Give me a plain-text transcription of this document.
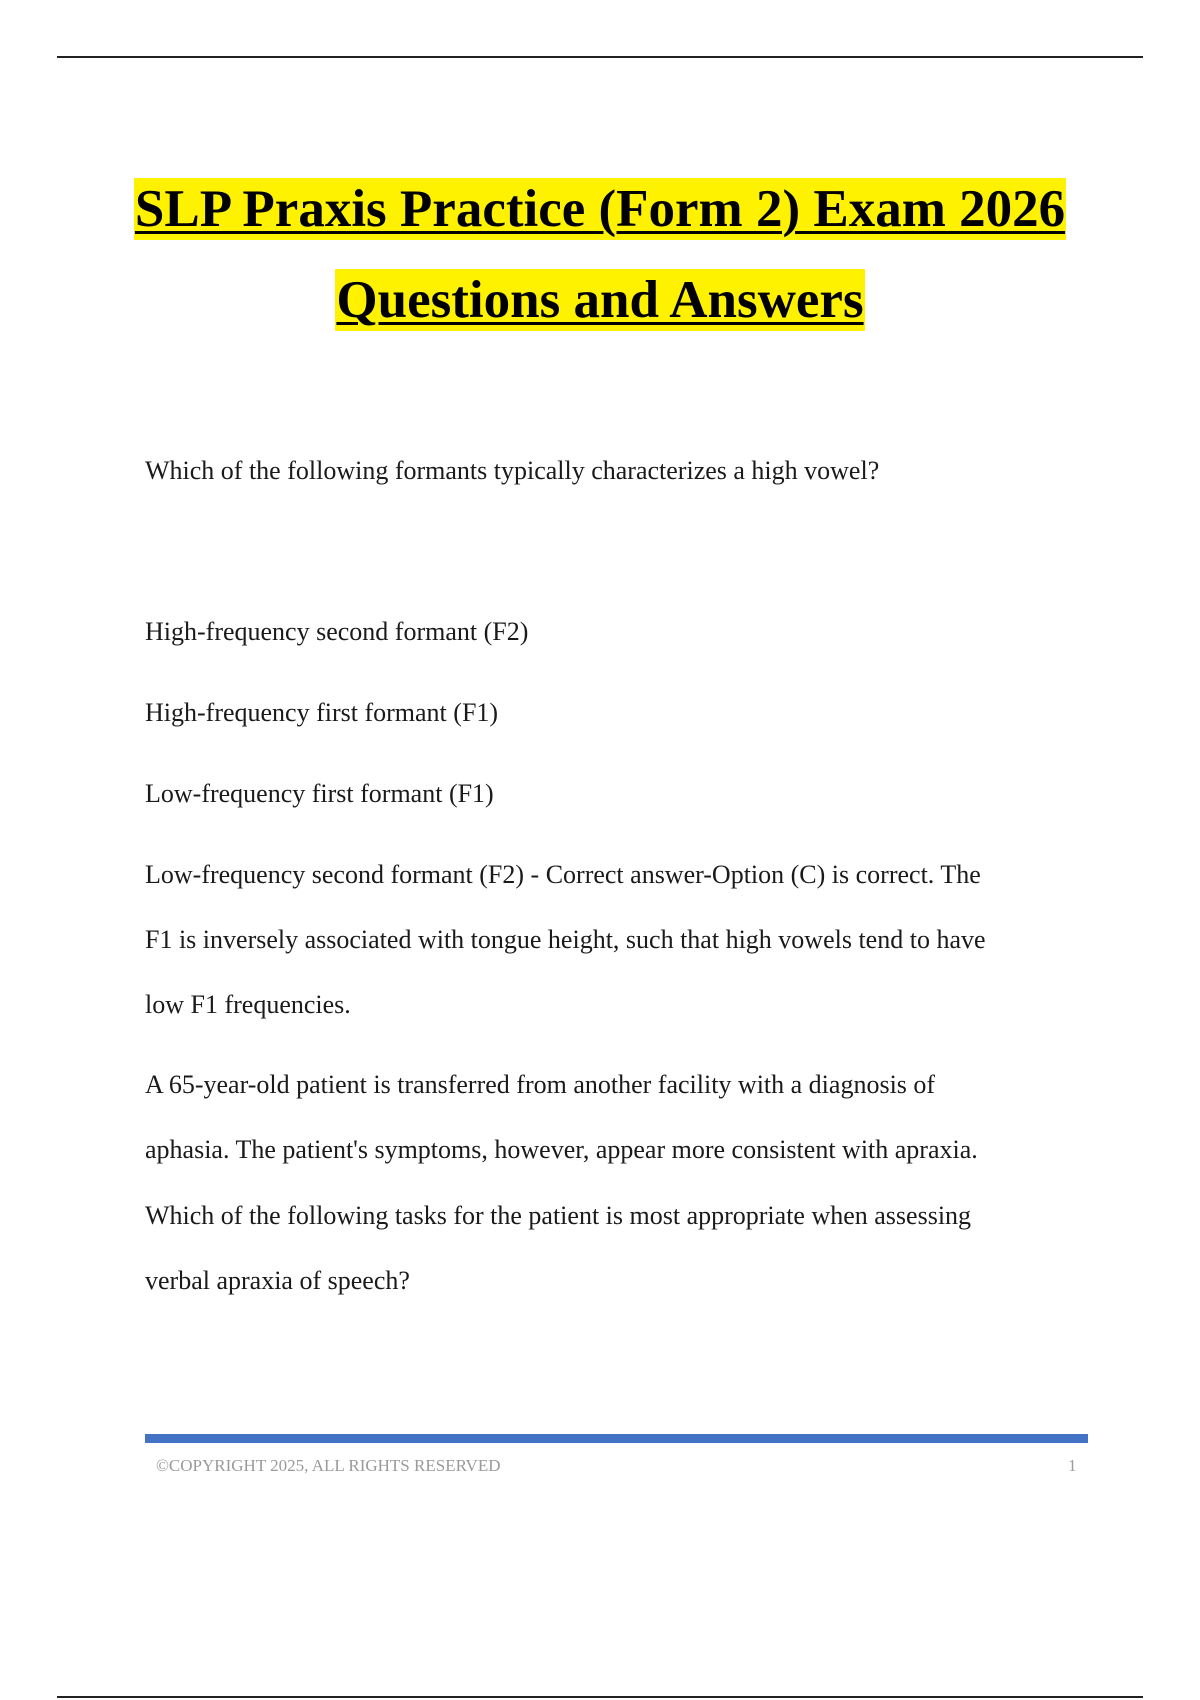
SLP Praxis Practice (Form 2) Exam 2026
Questions and Answers

Which of the following formants typically characterizes a high vowel?

High-frequency second formant (F2)

High-frequency first formant (F1)

Low-frequency first formant (F1)

Low-frequency second formant (F2) - Correct answer-Option (C) is correct. The

F1 is inversely associated with tongue height, such that high vowels tend to have

low F1 frequencies.

A 65-year-old patient is transferred from another facility with a diagnosis of

aphasia. The patient's symptoms, however, appear more consistent with apraxia.

Which of the following tasks for the patient is most appropriate when assessing

verbal apraxia of speech?

©COPYRIGHT 2025, ALL RIGHTS RESERVED	1
